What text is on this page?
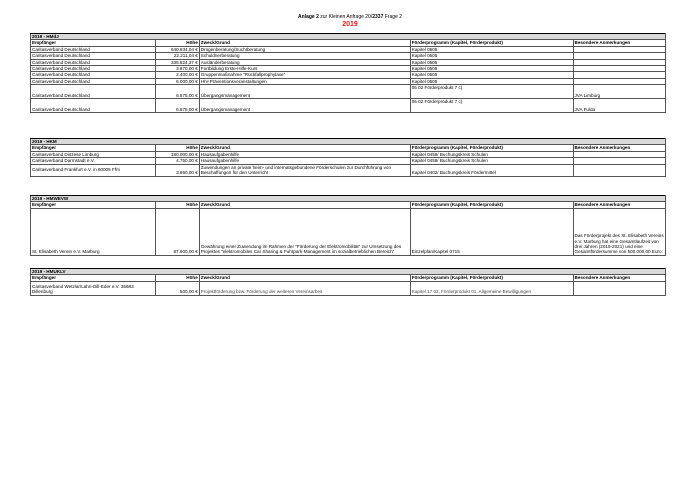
Anlage 2 zur Kleinen Anfrage 20/2337 Frage 2
2019
2019 - HMdJ				
Empfänger	Höhe	Zweck/Grund	Förderprogramm (Kapitel, Förderprodukt)	Besondere Anmerkungen
Caritasverband Deutschland	640.634,04 €	Drogenberatung/Suchtberatung	Kapitel 0505	
Caritasverband Deutschland	22.211,04 €	Schuldnerberatung	Kapitel 0505	
Caritasverband Deutschland	335.824,37 €	Ausländerberatung	Kapitel 0505	
Caritasverband Deutschland	3.870,00 €	Fortbildung Erste-Hilfe-Kurs	Kapitel 0505	
Caritasverband Deutschland	2.400,00 €	Gruppenmaßnahme "Rückfallprophylaxe"	Kapitel 0505	
Caritasverband Deutschland	6.000,00 €	HIV-Präventionsveranstaltungen	Kapitel 0505	
Caritasverband Deutschland	6.875,00 €	Übergangsmanagement	05 02 Förderprodukt 7 c)	JVA Limburg
Caritasverband Deutschland	6.875,00 €	Übergangsmanagement	05 02 Förderprodukt 7 c)	JVA Fulda
2019 - HKM				
Empfänger	Höhe	Zweck/Grund	Förderprogramm (Kapitel, Förderprodukt)	Besondere Anmerkungen
Caritasverband Diözese Limburg	180.000,00 €	Hausaufgabenhilfe	Kapitel 0459/ Buchungskreis Schulen	
Caritasverband Darmstadt e.V.	4.750,00 €	Hausaufgabenhilfe	Kapitel 0459/ Buchungskreis Schulen	
Caritasverband Frankfurt e.V. in 60005 Ffm	3.860,00 €	Zuwendungen an private heim- und internatsgebundene Förderschulen zur Durchführung von Beschaffungen für den Unterricht	Kapitel 0402/ Buchungskreis Fördermittel	
2019 - HMWEVW				
Empfänger	Höhe	Zweck/Grund	Förderprogramm (Kapitel, Förderprodukt)	Besondere Anmerkungen
St. Elisabeth Verein e.V. Marburg	87.600,00 €	Gewährung einer Zuwendung im Rahmen der "Förderung der Elektromobilität" zur Umsetzung des Projektes "elektromobiles Car Sharing & Fuhrpark-Management im sozialbetrieblichen Bereich"	Einzelplan/Kapitel 0715	Das Förderprojekt des St. Elisabeth Vereins e.V. Marburg hat eine Gesamtlaufzeit von drei Jahren (2019-2021) und eine Gesamtfördersumme von 500.000,00 Euro.
2019 - HMUKLV				
Empfänger	Höhe	Zweck/Grund	Förderprogramm (Kapitel, Förderprodukt)	Besondere Anmerkungen
Caritasverband Wetzlar/Lahn-Dill-Eder e.V. 35683 Dillenburg	500,00 €	Projektförderung bzw. Förderung der weiteren Vereinsarbeit	Kapitel 17 02, Förderprodukt 01, Allgemeine Bewilligungen	
